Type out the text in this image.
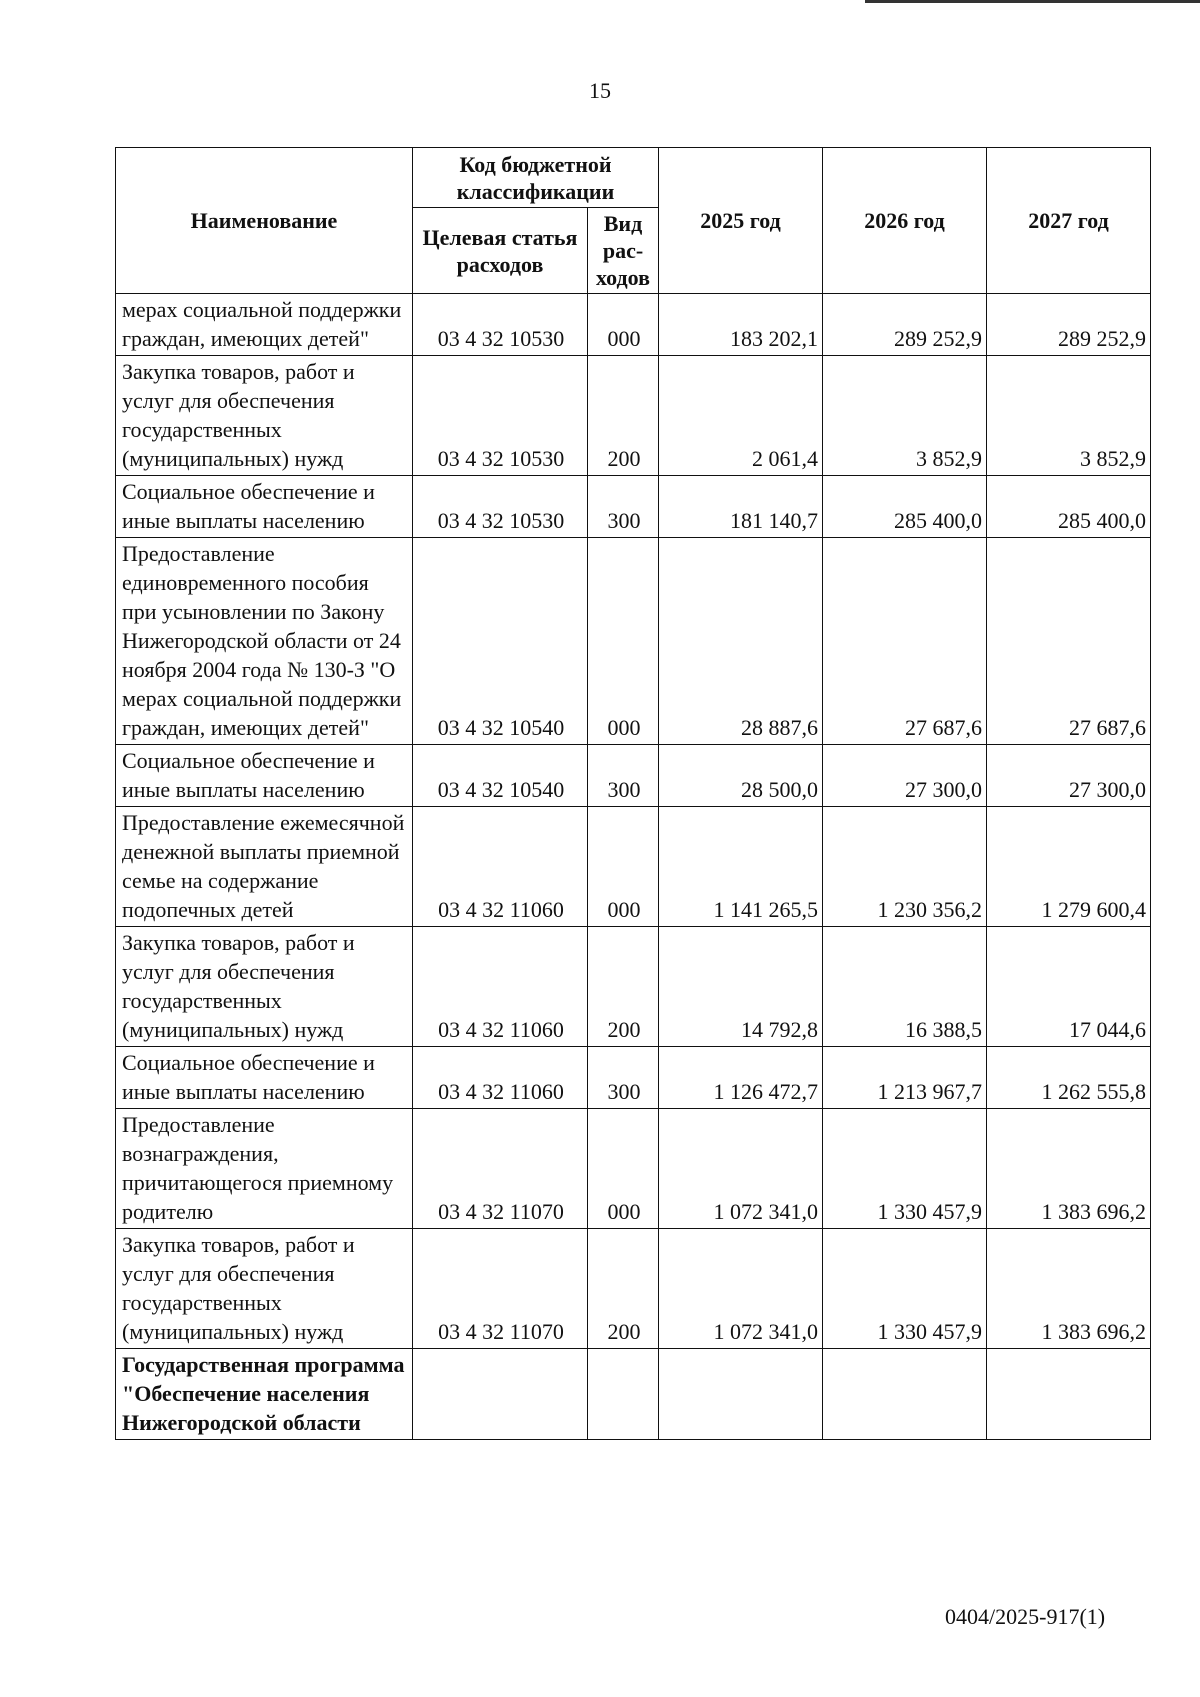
15
Наименование	Код бюджетной классификации		2025 год	2026 год	2027 год
	Целевая статья расходов	Вид рас-ходов			
мерах социальной поддержки граждан, имеющих детей"	03 4 32 10530	000	183 202,1	289 252,9	289 252,9
Закупка товаров, работ и услуг для обеспечения государственных (муниципальных) нужд	03 4 32 10530	200	2 061,4	3 852,9	3 852,9
Социальное обеспечение и иные выплаты населению	03 4 32 10530	300	181 140,7	285 400,0	285 400,0
Предоставление единовременного пособия при усыновлении по Закону Нижегородской области от 24 ноября 2004 года № 130-З "О мерах социальной поддержки граждан, имеющих детей"	03 4 32 10540	000	28 887,6	27 687,6	27 687,6
Социальное обеспечение и иные выплаты населению	03 4 32 10540	300	28 500,0	27 300,0	27 300,0
Предоставление ежемесячной денежной выплаты приемной семье на содержание подопечных детей	03 4 32 11060	000	1 141 265,5	1 230 356,2	1 279 600,4
Закупка товаров, работ и услуг для обеспечения государственных (муниципальных) нужд	03 4 32 11060	200	14 792,8	16 388,5	17 044,6
Социальное обеспечение и иные выплаты населению	03 4 32 11060	300	1 126 472,7	1 213 967,7	1 262 555,8
Предоставление вознаграждения, причитающегося приемному родителю	03 4 32 11070	000	1 072 341,0	1 330 457,9	1 383 696,2
Закупка товаров, работ и услуг для обеспечения государственных (муниципальных) нужд	03 4 32 11070	200	1 072 341,0	1 330 457,9	1 383 696,2
Государственная программа "Обеспечение населения Нижегородской области					
0404/2025-917(1)
